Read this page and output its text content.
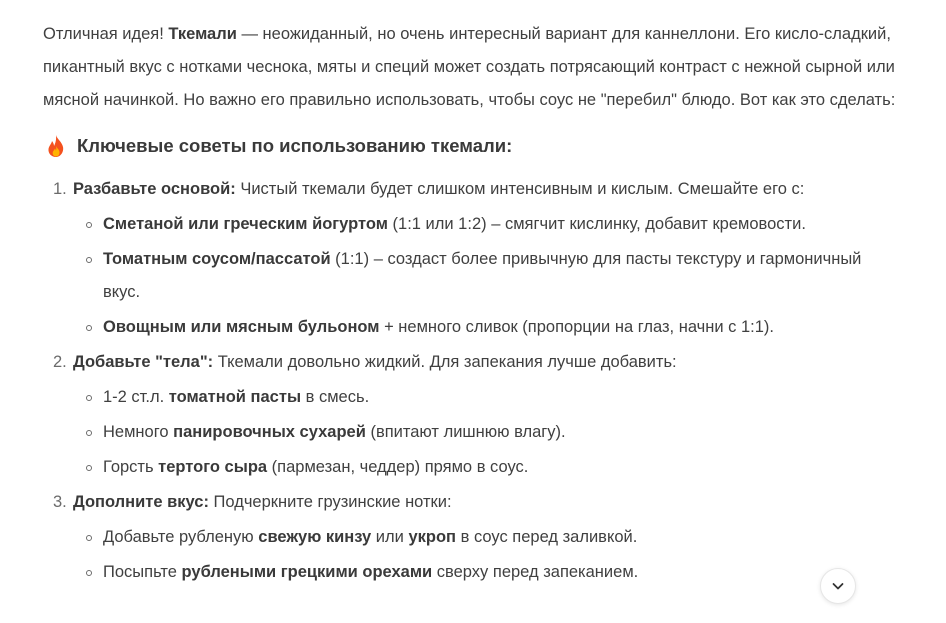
Отличная идея! Ткемали — неожиданный, но очень интересный вариант для каннеллони. Его кисло-сладкий, пикантный вкус с нотками чеснока, мяты и специй может создать потрясающий контраст с нежной сырной или мясной начинкой. Но важно его правильно использовать, чтобы соус не "перебил" блюдо. Вот как это сделать:

Ключевые советы по использованию ткемали:
1. Разбавьте основой: Чистый ткемали будет слишком интенсивным и кислым. Смешайте его с:
Сметаной или греческим йогуртом (1:1 или 1:2) – смягчит кислинку, добавит кремовости.
Томатным соусом/пассатой (1:1) – создаст более привычную для пасты текстуру и гармоничный вкус.
Овощным или мясным бульоном + немного сливок (пропорции на глаз, начни с 1:1).
2. Добавьте "тела": Ткемали довольно жидкий. Для запекания лучше добавить:
1-2 ст.л. томатной пасты в смесь.
Немного панировочных сухарей (впитают лишнюю влагу).
Горсть тертого сыра (пармезан, чеддер) прямо в соус.
3. Дополните вкус: Подчеркните грузинские нотки:
Добавьте рубленую свежую кинзу или укроп в соус перед заливкой.
Посыпьте рублеными грецкими орехами сверху перед запеканием.
